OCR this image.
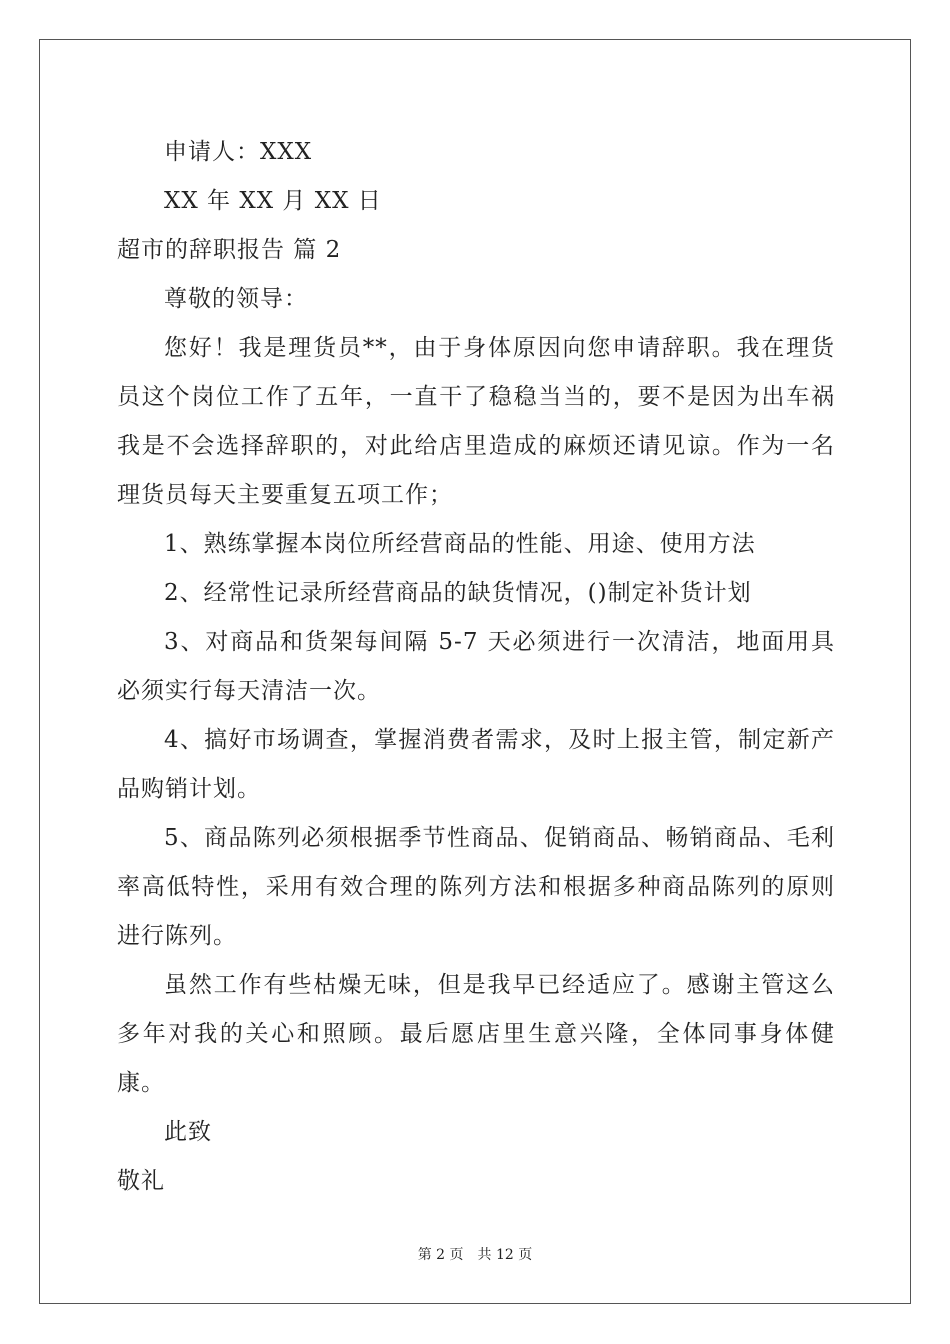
申请人：XXX
XX 年 XX 月 XX 日
超市的辞职报告 篇 2
尊敬的领导：

您好！我是理货员**，由于身体原因向您申请辞职。我在理货员这个岗位工作了五年，一直干了稳稳当当的，要不是因为出车祸我是不会选择辞职的，对此给店里造成的麻烦还请见谅。作为一名理货员每天主要重复五项工作；

1、熟练掌握本岗位所经营商品的性能、用途、使用方法

2、经常性记录所经营商品的缺货情况，()制定补货计划

3、对商品和货架每间隔 5-7 天必须进行一次清洁，地面用具必须实行每天清洁一次。

4、搞好市场调查，掌握消费者需求，及时上报主管，制定新产品购销计划。

5、商品陈列必须根据季节性商品、促销商品、畅销商品、毛利率高低特性，采用有效合理的陈列方法和根据多种商品陈列的原则进行陈列。

虽然工作有些枯燥无味，但是我早已经适应了。感谢主管这么多年对我的关心和照顾。最后愿店里生意兴隆，全体同事身体健康。

此致
敬礼
第 2 页 共 12 页
